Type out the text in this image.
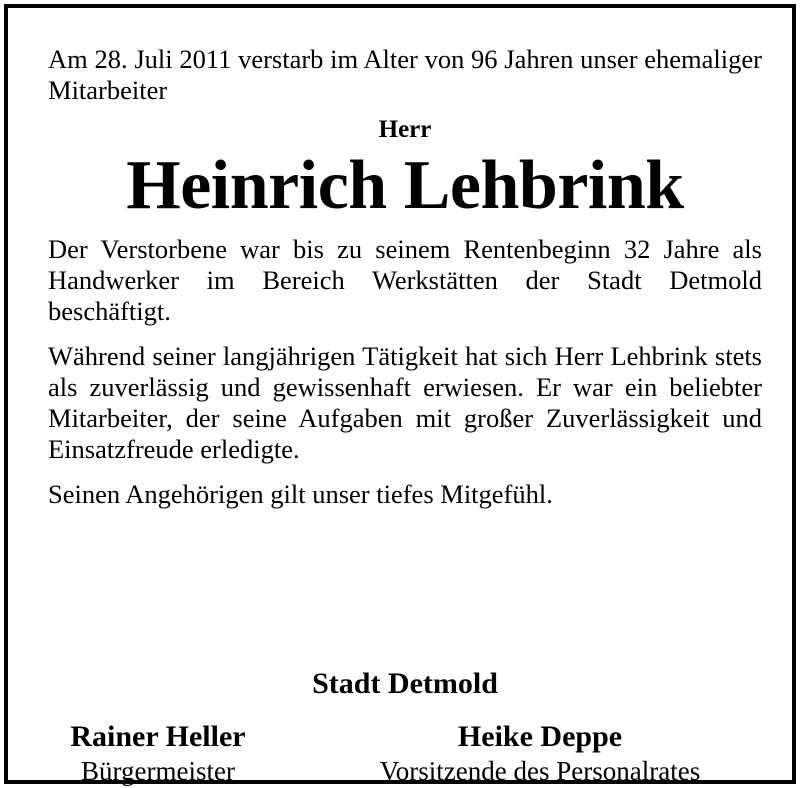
Am 28. Juli 2011 verstarb im Alter von 96 Jahren unser ehemaliger Mitarbeiter

Herr

Heinrich Lehbrink

Der Verstorbene war bis zu seinem Rentenbeginn 32 Jahre als Handwerker im Bereich Werkstätten der Stadt Detmold beschäftigt.

Während seiner langjährigen Tätigkeit hat sich Herr Lehbrink stets als zuverlässig und gewissenhaft erwiesen. Er war ein beliebter Mitarbeiter, der seine Aufgaben mit großer Zuverlässigkeit und Einsatzfreude erledigte.

Seinen Angehörigen gilt unser tiefes Mitgefühl.

Stadt Detmold
Rainer Heller
Bürgermeister
Heike Deppe
Vorsitzende des Personalrates
